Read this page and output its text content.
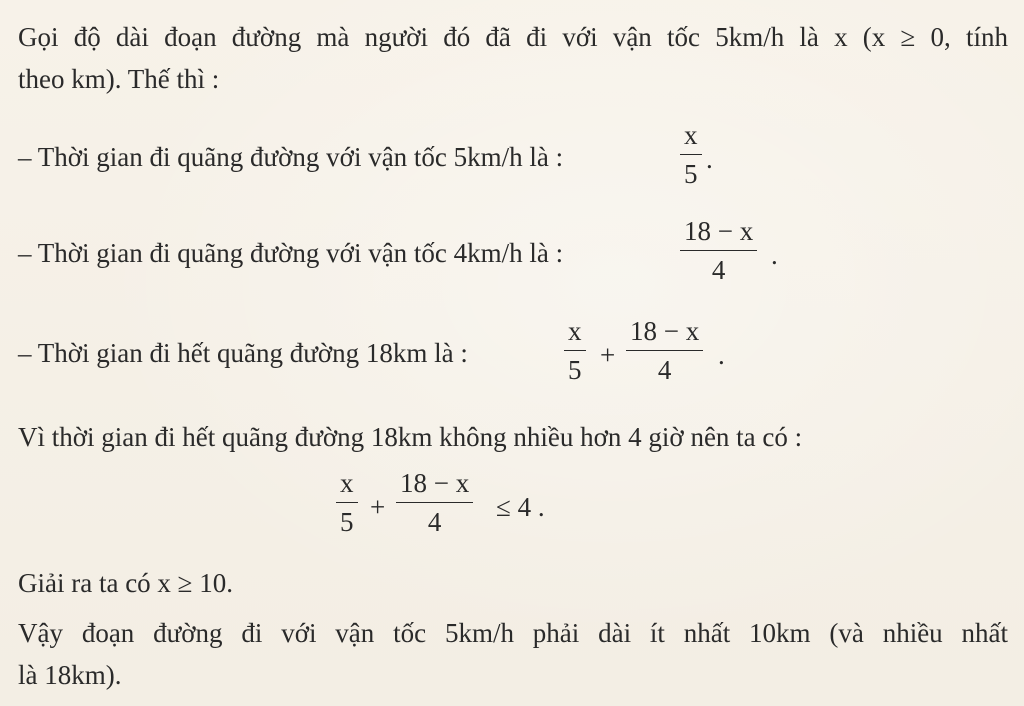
Gọi độ dài đoạn đường mà người đó đã đi với vận tốc 5km/h là x (x ≥ 0, tính
theo km). Thế thì :
– Thời gian đi quãng đường với vận tốc 5km/h là :
x
5 .
– Thời gian đi quãng đường với vận tốc 4km/h là :
18 − x
4	.
– Thời gian đi hết quãng đường 18km là :
x
5 +
18 − x
4	.
Vì thời gian đi hết quãng đường 18km không nhiều hơn 4 giờ nên ta có :
x
5 +
18 − x
4	≤ 4 .
Giải ra ta có x ≥ 10.
Vậy đoạn đường đi với vận tốc 5km/h phải dài ít nhất 10km (và nhiều nhất
là 18km).
